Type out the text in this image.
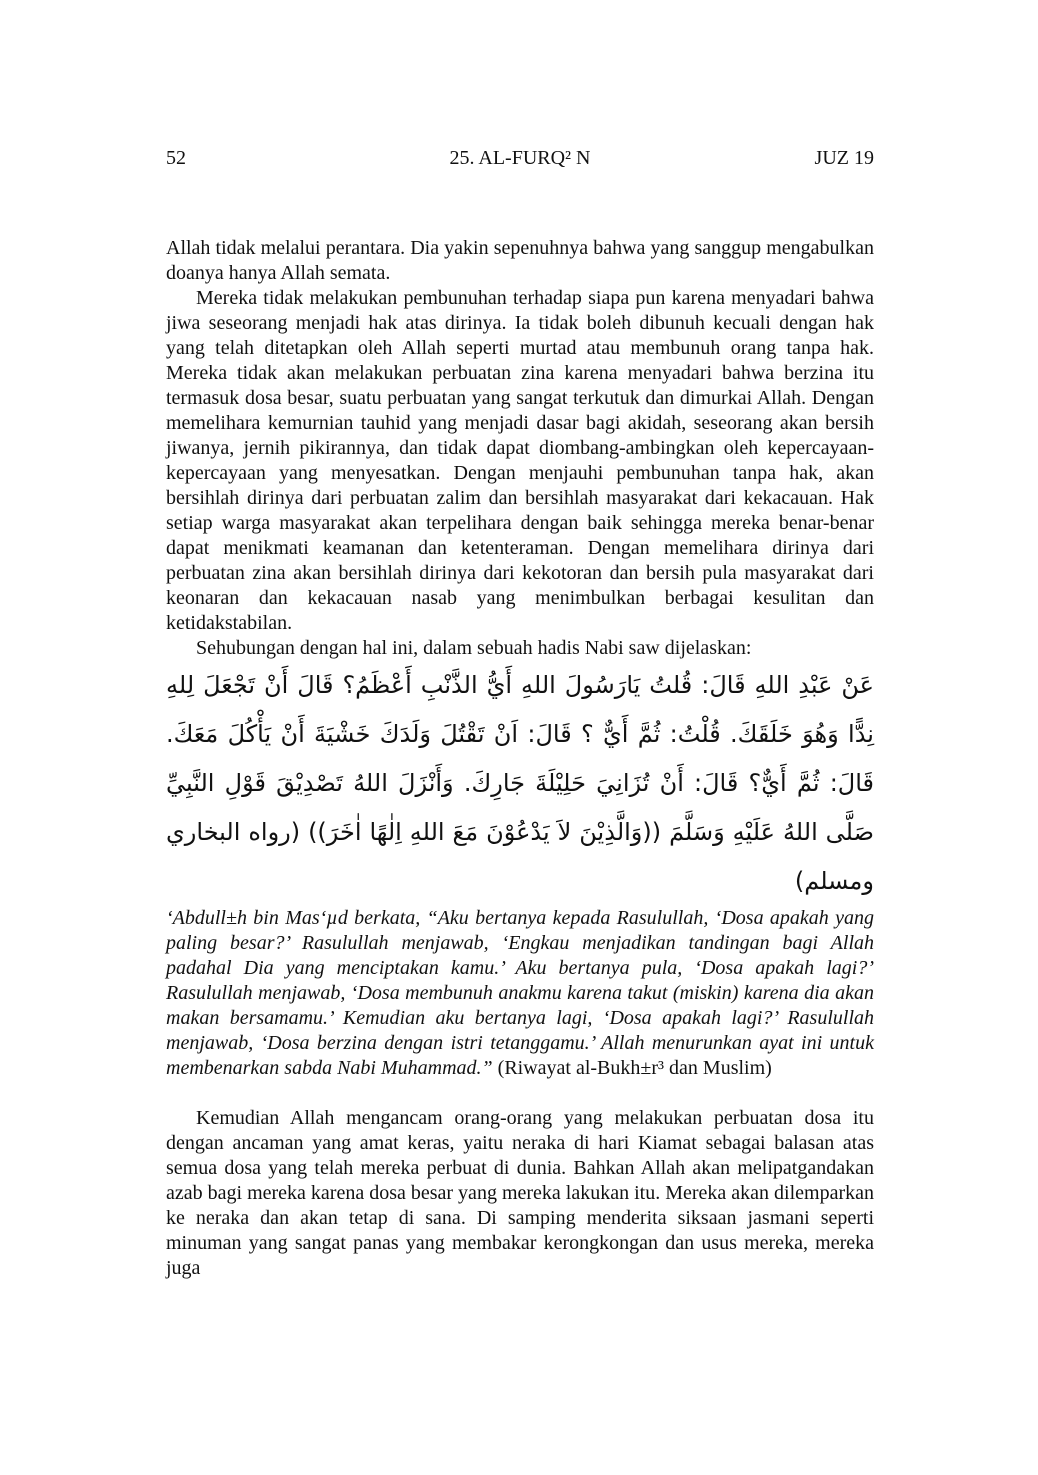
52	25. AL-FURQ² N	JUZ 19

Allah tidak melalui perantara. Dia yakin sepenuhnya bahwa yang sanggup mengabulkan doanya hanya Allah semata.

Mereka tidak melakukan pembunuhan terhadap siapa pun karena menyadari bahwa jiwa seseorang menjadi hak atas dirinya. Ia tidak boleh dibunuh kecuali dengan hak yang telah ditetapkan oleh Allah seperti murtad atau membunuh orang tanpa hak. Mereka tidak akan melakukan perbuatan zina karena menyadari bahwa berzina itu termasuk dosa besar, suatu perbuatan yang sangat terkutuk dan dimurkai Allah. Dengan memelihara kemurnian tauhid yang menjadi dasar bagi akidah, seseorang akan bersih jiwanya, jernih pikirannya, dan tidak dapat diombang-ambingkan oleh kepercayaan-kepercayaan yang menyesatkan. Dengan menjauhi pembunuhan tanpa hak, akan bersihlah dirinya dari perbuatan zalim dan bersihlah masyarakat dari kekacauan. Hak setiap warga masyarakat akan terpelihara dengan baik sehingga mereka benar-benar dapat menikmati keamanan dan ketenteraman. Dengan memelihara dirinya dari perbuatan zina akan bersihlah dirinya dari kekotoran dan bersih pula masyarakat dari keonaran dan kekacauan nasab yang menimbulkan berbagai kesulitan dan ketidakstabilan.

Sehubungan dengan hal ini, dalam sebuah hadis Nabi saw dijelaskan:

عَنْ عَبْدِ اللهِ قَالَ: قُلتُ يَارَسُولَ اللهِ أَيُّ الذَّنْبِ أَعْظَمُ؟ قَالَ أَنْ تَجْعَلَ لِلهِ نِدًّا وَهُوَ خَلَقَكَ. قُلْتُ: ثُمَّ أَيٌّ ؟ قَالَ: اَنْ تَقْتُلَ وَلَدَكَ خَشْيَةَ أَنْ يَأْكُلَ مَعَكَ. قَالَ: ثُمَّ أَيٌّ؟ قَالَ: أَنْ تُزَانِيَ حَلِيْلَةَ جَارِكَ. وَأَنْزَلَ اللهُ تَصْدِيْقَ قَوْلِ النَّبِيِّ صَلَّى اللهُ عَلَيْهِ وَسَلَّمَ ((وَالَّذِيْنَ لاَ يَدْعُوْنَ مَعَ اللهِ اِلٰهًا اٰخَرَ)) (رواه البخاري ومسلم)

‘Abdull±h bin Mas‘µd berkata, “Aku bertanya kepada Rasulullah, ‘Dosa apakah yang paling besar?’ Rasulullah menjawab, ‘Engkau menjadikan tandingan bagi Allah padahal Dia yang menciptakan kamu.’ Aku bertanya pula, ‘Dosa apakah lagi?’ Rasulullah menjawab, ‘Dosa membunuh anakmu karena takut (miskin) karena dia akan makan bersamamu.’ Kemudian aku bertanya lagi, ‘Dosa apakah lagi?’ Rasulullah menjawab, ‘Dosa berzina dengan istri tetanggamu.’ Allah menurunkan ayat ini untuk membenarkan sabda Nabi Muhammad.” (Riwayat al-Bukh±r³ dan Muslim)

Kemudian Allah mengancam orang-orang yang melakukan perbuatan dosa itu dengan ancaman yang amat keras, yaitu neraka di hari Kiamat sebagai balasan atas semua dosa yang telah mereka perbuat di dunia. Bahkan Allah akan melipatgandakan azab bagi mereka karena dosa besar yang mereka lakukan itu. Mereka akan dilemparkan ke neraka dan akan tetap di sana. Di samping menderita siksaan jasmani seperti minuman yang sangat panas yang membakar kerongkongan dan usus mereka, mereka juga
